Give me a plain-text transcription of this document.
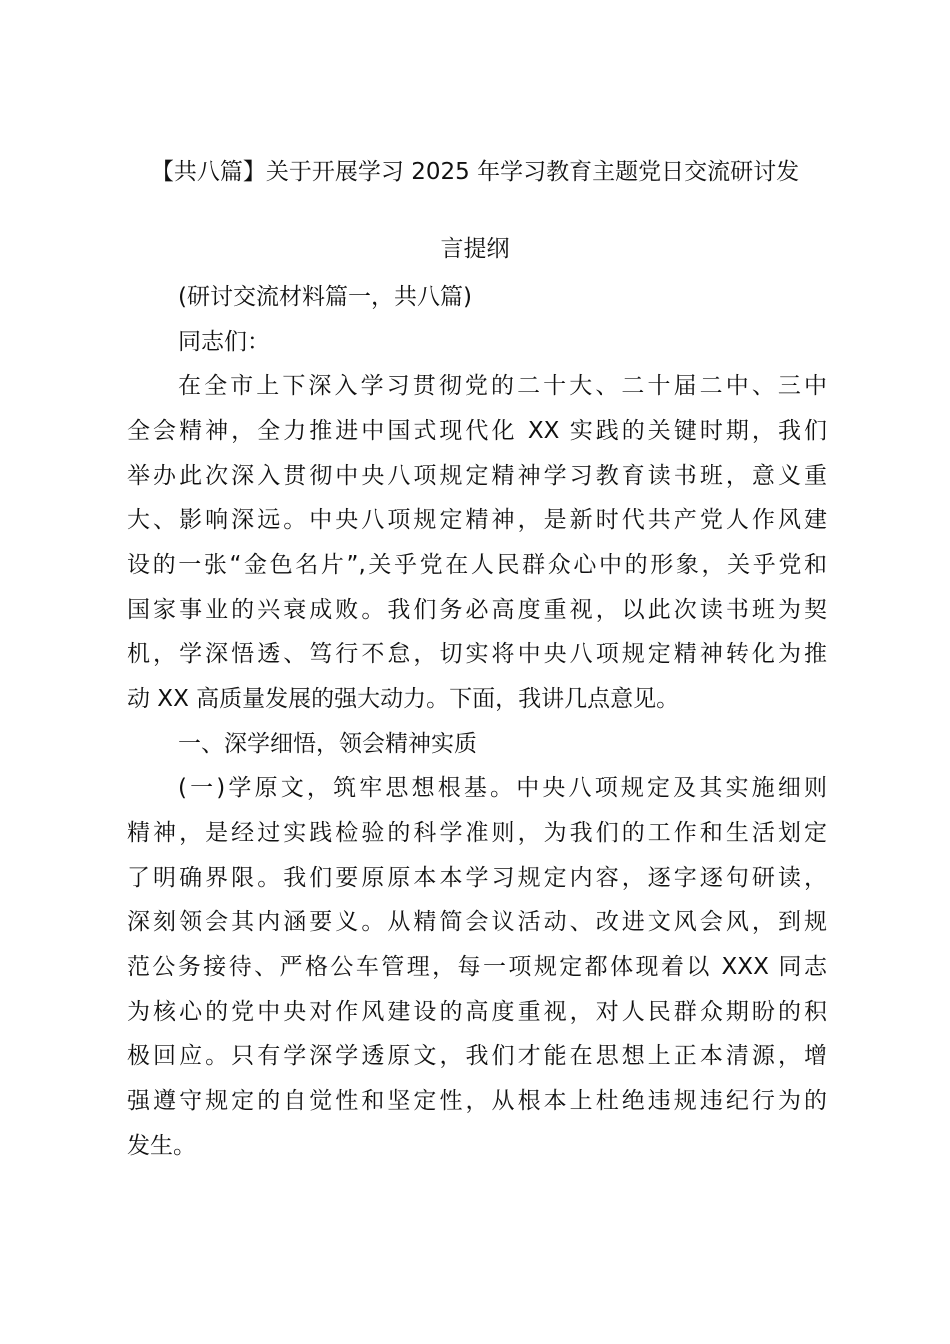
【共八篇】关于开展学习 2025 年学习教育主题党日交流研讨发
言提纲
(研讨交流材料篇一，共八篇)
同志们：
在全市上下深入学习贯彻党的二十大、二十届二中、三中
全会精神，全力推进中国式现代化 XX 实践的关键时期，我们
举办此次深入贯彻中央八项规定精神学习教育读书班，意义重
大、影响深远。中央八项规定精神，是新时代共产党人作风建
设的一张“金色名片”,关乎党在人民群众心中的形象，关乎党和
国家事业的兴衰成败。我们务必高度重视，以此次读书班为契
机，学深悟透、笃行不怠，切实将中央八项规定精神转化为推
动 XX 高质量发展的强大动力。下面，我讲几点意见。
一、深学细悟，领会精神实质
(一)学原文，筑牢思想根基。中央八项规定及其实施细则
精神，是经过实践检验的科学准则，为我们的工作和生活划定
了明确界限。我们要原原本本学习规定内容，逐字逐句研读，
深刻领会其内涵要义。从精简会议活动、改进文风会风，到规
范公务接待、严格公车管理，每一项规定都体现着以 XXX 同志
为核心的党中央对作风建设的高度重视，对人民群众期盼的积
极回应。只有学深学透原文，我们才能在思想上正本清源，增
强遵守规定的自觉性和坚定性，从根本上杜绝违规违纪行为的
发生。
